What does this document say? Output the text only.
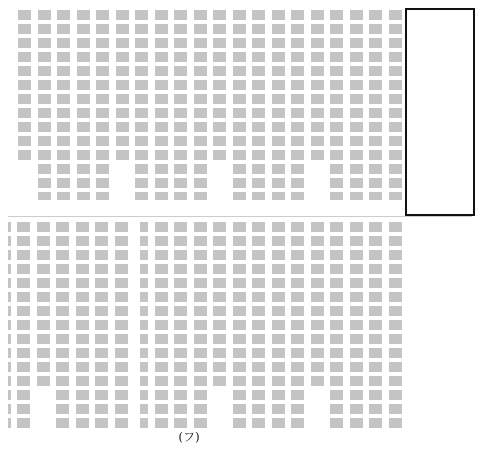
(フ)
